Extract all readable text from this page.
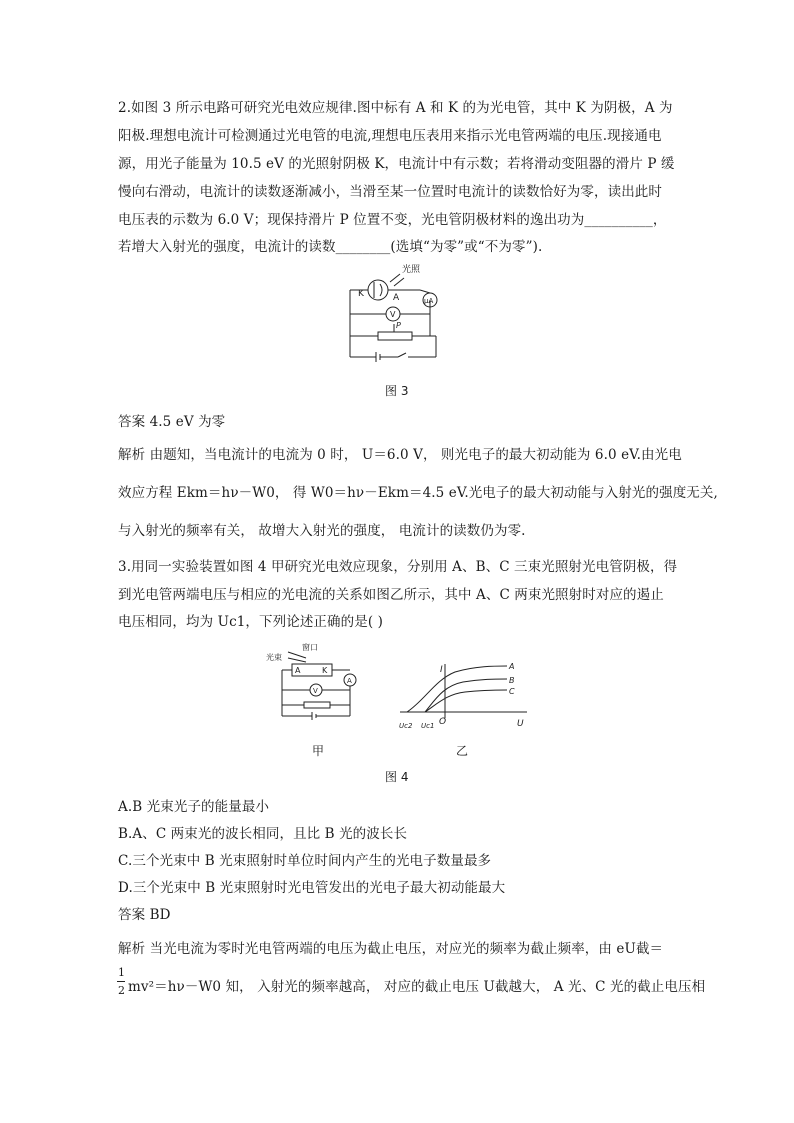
2.如图 3 所示电路可研究光电效应规律.图中标有 A 和 K 的为光电管，其中 K 为阴极，A 为
阳极.理想电流计可检测通过光电管的电流,理想电压表用来指示光电管两端的电压.现接通电
源，用光子能量为 10.5 eV 的光照射阴极 K，电流计中有示数；若将滑动变阻器的滑片 P 缓
慢向右滑动，电流计的读数逐渐减小，当滑至某一位置时电流计的读数恰好为零，读出此时
电压表的示数为 6.0 V；现保持滑片 P 位置不变，光电管阴极材料的逸出功为__________，
若增大入射光的强度，电流计的读数________(选填“为零”或“不为零”).
光照
K	A	μA
V
P
图 3
答案 4.5 eV 为零
解析 由题知，当电流计的电流为 0 时， U＝6.0 V， 则光电子的最大初动能为 6.0 eV.由光电
效应方程 Ekm＝hν－W0， 得 W0＝hν－Ekm＝4.5 eV.光电子的最大初动能与入射光的强度无关,
与入射光的频率有关， 故增大入射光的强度， 电流计的读数仍为零.
3.用同一实验装置如图 4 甲研究光电效应现象，分别用 A、B、C 三束光照射光电管阴极，得
到光电管两端电压与相应的光电流的关系如图乙所示，其中 A、C 两束光照射时对应的遏止
电压相同，均为 Uc1，下列论述正确的是( )
光束
窗口
A	K
V
A
甲
I
U
O
Uc2 Uc1
A
B
C
乙
图 4
A.B 光束光子的能量最小
B.A、C 两束光的波长相同，且比 B 光的波长长
C.三个光束中 B 光束照射时单位时间内产生的光电子数量最多
D.三个光束中 B 光束照射时光电管发出的光电子最大初动能最大
答案 BD
解析 当光电流为零时光电管两端的电压为截止电压，对应光的频率为截止频率，由 eU截＝
1
2 mv²＝hν－W0 知， 入射光的频率越高， 对应的截止电压 U截越大， A 光、C 光的截止电压相
